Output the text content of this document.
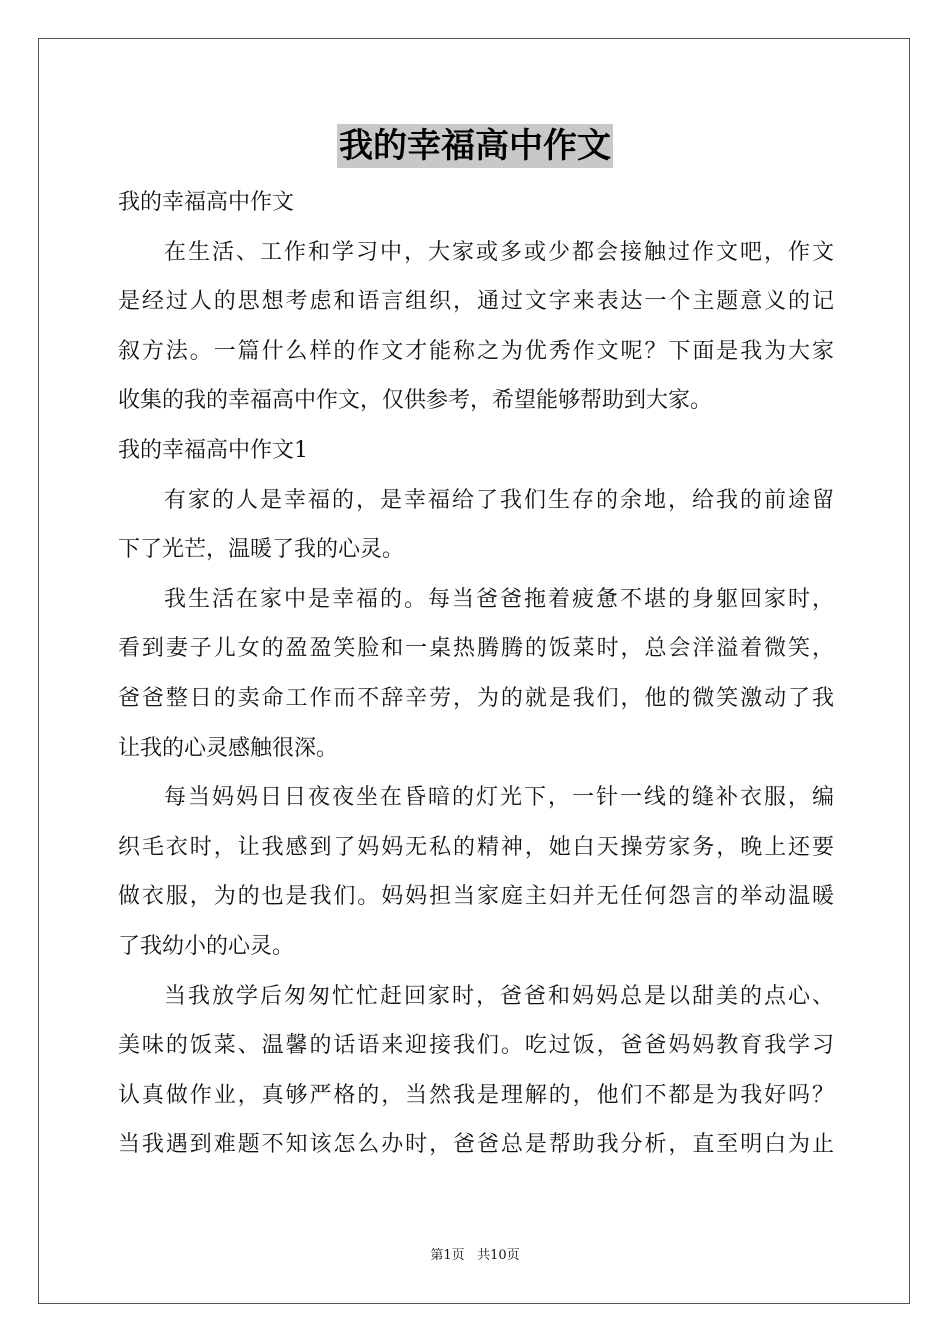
我的幸福高中作文
我的幸福高中作文
在生活、工作和学习中，大家或多或少都会接触过作文吧，作文
是经过人的思想考虑和语言组织，通过文字来表达一个主题意义的记
叙方法。一篇什么样的作文才能称之为优秀作文呢？下面是我为大家
收集的我的幸福高中作文，仅供参考，希望能够帮助到大家。
我的幸福高中作文1
有家的人是幸福的，是幸福给了我们生存的余地，给我的前途留
下了光芒，温暖了我的心灵。
我生活在家中是幸福的。每当爸爸拖着疲惫不堪的身躯回家时，
看到妻子儿女的盈盈笑脸和一桌热腾腾的饭菜时，总会洋溢着微笑，
爸爸整日的卖命工作而不辞辛劳，为的就是我们，他的微笑激动了我
让我的心灵感触很深。
每当妈妈日日夜夜坐在昏暗的灯光下，一针一线的缝补衣服，编
织毛衣时，让我感到了妈妈无私的精神，她白天操劳家务，晚上还要
做衣服，为的也是我们。妈妈担当家庭主妇并无任何怨言的举动温暖
了我幼小的心灵。
当我放学后匆匆忙忙赶回家时，爸爸和妈妈总是以甜美的点心、
美味的饭菜、温馨的话语来迎接我们。吃过饭，爸爸妈妈教育我学习
认真做作业，真够严格的，当然我是理解的，他们不都是为我好吗？
当我遇到难题不知该怎么办时，爸爸总是帮助我分析，直至明白为止
第1页 共10页
